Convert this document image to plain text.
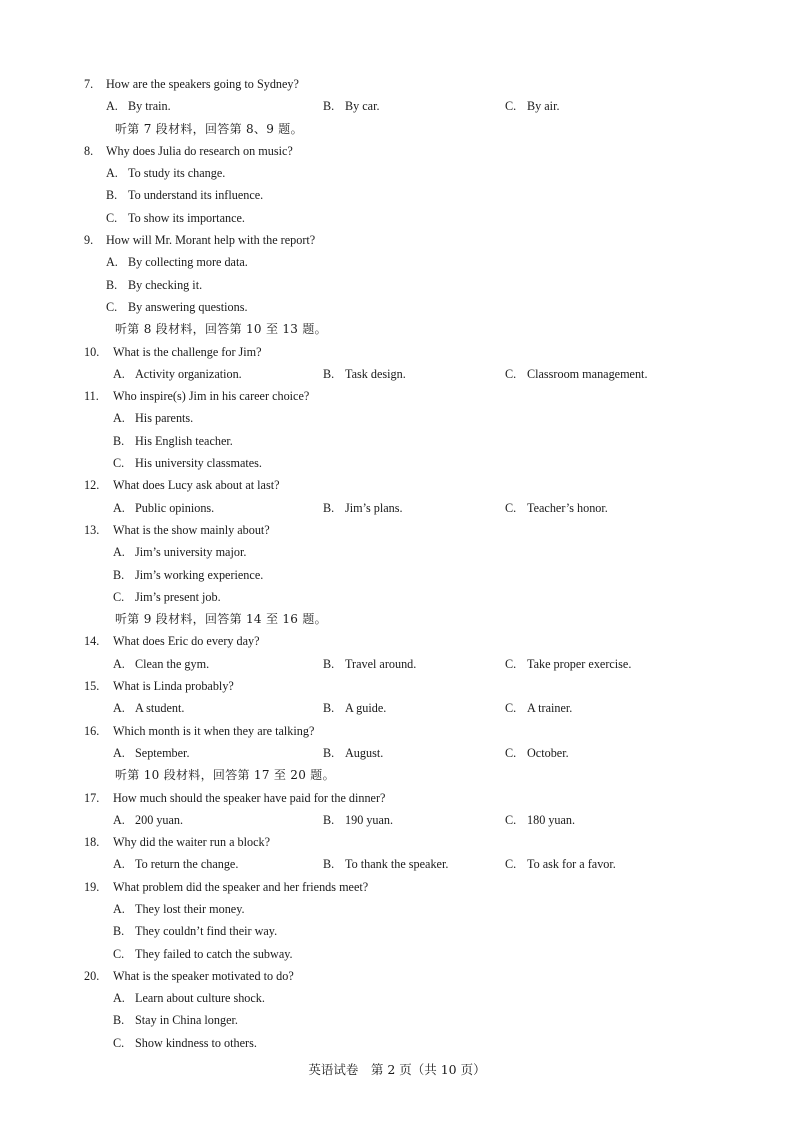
7. How are the speakers going to Sydney?
A. By train.	B. By car.	C. By air.
听第 7 段材料，回答第 8、9 题。
8. Why does Julia do research on music?
A. To study its change.
B. To understand its influence.
C. To show its importance.
9. How will Mr. Morant help with the report?
A. By collecting more data.
B. By checking it.
C. By answering questions.
听第 8 段材料，回答第 10 至 13 题。
10. What is the challenge for Jim?
A. Activity organization.	B. Task design.	C. Classroom management.
11. Who inspire(s) Jim in his career choice?
A. His parents.
B. His English teacher.
C. His university classmates.
12. What does Lucy ask about at last?
A. Public opinions.	B. Jim’s plans.	C. Teacher’s honor.
13. What is the show mainly about?
A. Jim’s university major.
B. Jim’s working experience.
C. Jim’s present job.
听第 9 段材料，回答第 14 至 16 题。
14. What does Eric do every day?
A. Clean the gym.	B. Travel around.	C. Take proper exercise.
15. What is Linda probably?
A. A student.	B. A guide.	C. A trainer.
16. Which month is it when they are talking?
A. September.	B. August.	C. October.
听第 10 段材料，回答第 17 至 20 题。
17. How much should the speaker have paid for the dinner?
A. 200 yuan.	B. 190 yuan.	C. 180 yuan.
18. Why did the waiter run a block?
A. To return the change.	B. To thank the speaker.	C. To ask for a favor.
19. What problem did the speaker and her friends meet?
A. They lost their money.
B. They couldn’t find their way.
C. They failed to catch the subway.
20. What is the speaker motivated to do?
A. Learn about culture shock.
B. Stay in China longer.
C. Show kindness to others.
英语试卷　第 2 页（共 10 页）
